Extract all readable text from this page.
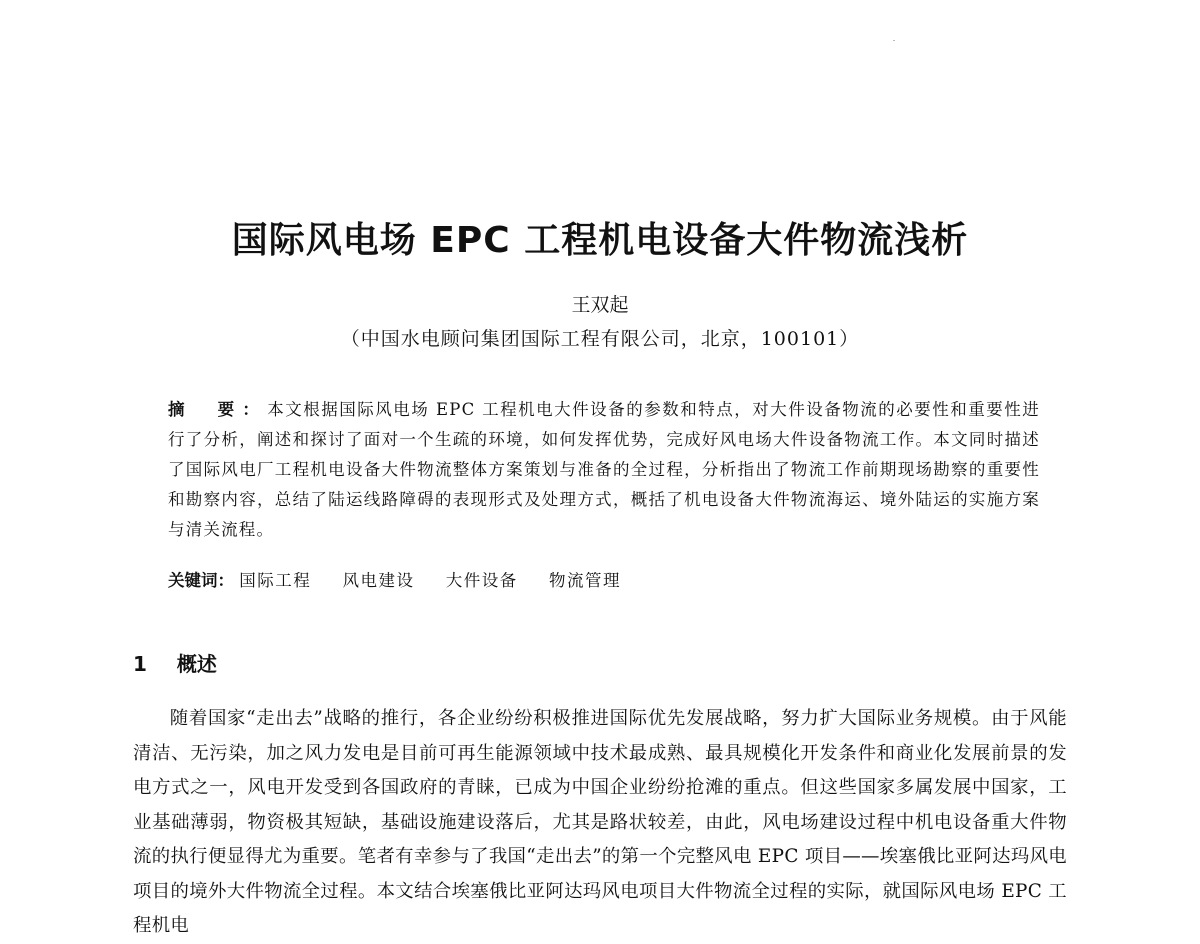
国际风电场 EPC 工程机电设备大件物流浅析
王双起
（中国水电顾问集团国际工程有限公司，北京，100101）
摘　要：本文根据国际风电场 EPC 工程机电大件设备的参数和特点，对大件设备物流的必要性和重要性进行了分析，阐述和探讨了面对一个生疏的环境，如何发挥优势，完成好风电场大件设备物流工作。本文同时描述了国际风电厂工程机电设备大件物流整体方案策划与准备的全过程，分析指出了物流工作前期现场勘察的重要性和勘察内容，总结了陆运线路障碍的表现形式及处理方式，概括了机电设备大件物流海运、境外陆运的实施方案与清关流程。
关键词： 国际工程 风电建设 大件设备 物流管理
1 概述
随着国家“走出去”战略的推行，各企业纷纷积极推进国际优先发展战略，努力扩大国际业务规模。由于风能清洁、无污染，加之风力发电是目前可再生能源领域中技术最成熟、最具规模化开发条件和商业化发展前景的发电方式之一，风电开发受到各国政府的青睐，已成为中国企业纷纷抢滩的重点。但这些国家多属发展中国家，工业基础薄弱，物资极其短缺，基础设施建设落后，尤其是路状较差，由此，风电场建设过程中机电设备重大件物流的执行便显得尤为重要。笔者有幸参与了我国“走出去”的第一个完整风电 EPC 项目——埃塞俄比亚阿达玛风电项目的境外大件物流全过程。本文结合埃塞俄比亚阿达玛风电项目大件物流全过程的实际，就国际风电场 EPC 工程机电
